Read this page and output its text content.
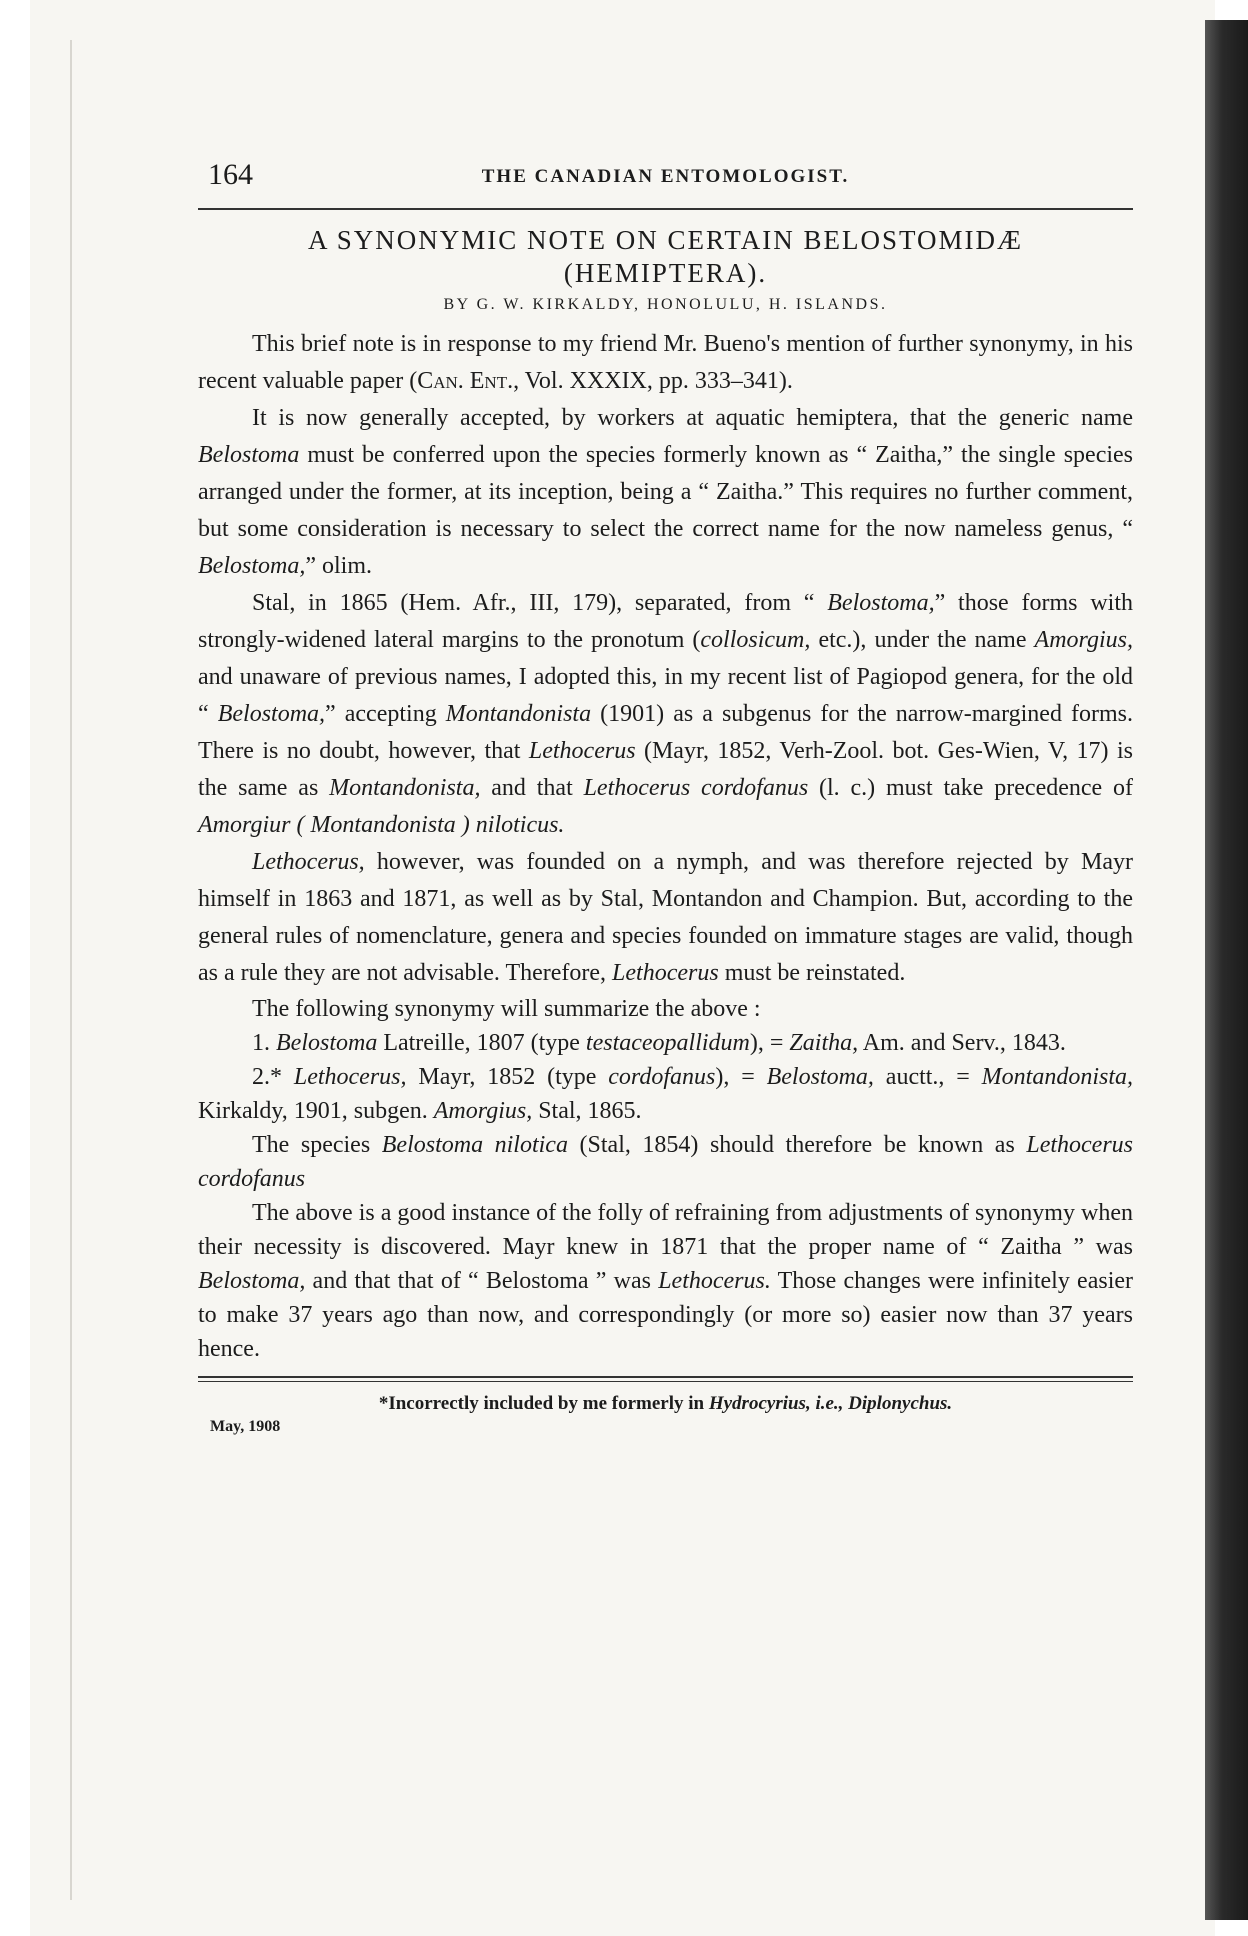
164	THE CANADIAN ENTOMOLOGIST.
A SYNONYMIC NOTE ON CERTAIN BELOSTOMIDÆ
(HEMIPTERA).
BY G. W. KIRKALDY, HONOLULU, H. ISLANDS.

This brief note is in response to my friend Mr. Bueno's mention of further synonymy, in his recent valuable paper (Can. Ent., Vol. XXXIX, pp. 333–341).

It is now generally accepted, by workers at aquatic hemiptera, that the generic name Belostoma must be conferred upon the species formerly known as “ Zaitha,” the single species arranged under the former, at its inception, being a “ Zaitha.” This requires no further comment, but some consideration is necessary to select the correct name for the now nameless genus, “ Belostoma,” olim.

Stal, in 1865 (Hem. Afr., III, 179), separated, from “ Belostoma,” those forms with strongly-widened lateral margins to the pronotum (collosicum, etc.), under the name Amorgius, and unaware of previous names, I adopted this, in my recent list of Pagiopod genera, for the old “ Belostoma,” accepting Montandonista (1901) as a subgenus for the narrow-margined forms. There is no doubt, however, that Lethocerus (Mayr, 1852, Verh-Zool. bot. Ges-Wien, V, 17) is the same as Montandonista, and that Lethocerus cordofanus (l. c.) must take precedence of Amorgiur ( Montandonista ) niloticus.

Lethocerus, however, was founded on a nymph, and was therefore rejected by Mayr himself in 1863 and 1871, as well as by Stal, Montandon and Champion. But, according to the general rules of nomenclature, genera and species founded on immature stages are valid, though as a rule they are not advisable. Therefore, Lethocerus must be reinstated.

The following synonymy will summarize the above :

1. Belostoma Latreille, 1807 (type testaceopallidum), = Zaitha, Am. and Serv., 1843.

2.* Lethocerus, Mayr, 1852 (type cordofanus), = Belostoma, auctt., = Montandonista, Kirkaldy, 1901, subgen. Amorgius, Stal, 1865.

The species Belostoma nilotica (Stal, 1854) should therefore be known as Lethocerus cordofanus

The above is a good instance of the folly of refraining from adjustments of synonymy when their necessity is discovered. Mayr knew in 1871 that the proper name of “ Zaitha ” was Belostoma, and that that of “ Belostoma ” was Lethocerus. Those changes were infinitely easier to make 37 years ago than now, and correspondingly (or more so) easier now than 37 years hence.

*Incorrectly included by me formerly in Hydrocyrius, i.e., Diplonychus.

May, 1908
